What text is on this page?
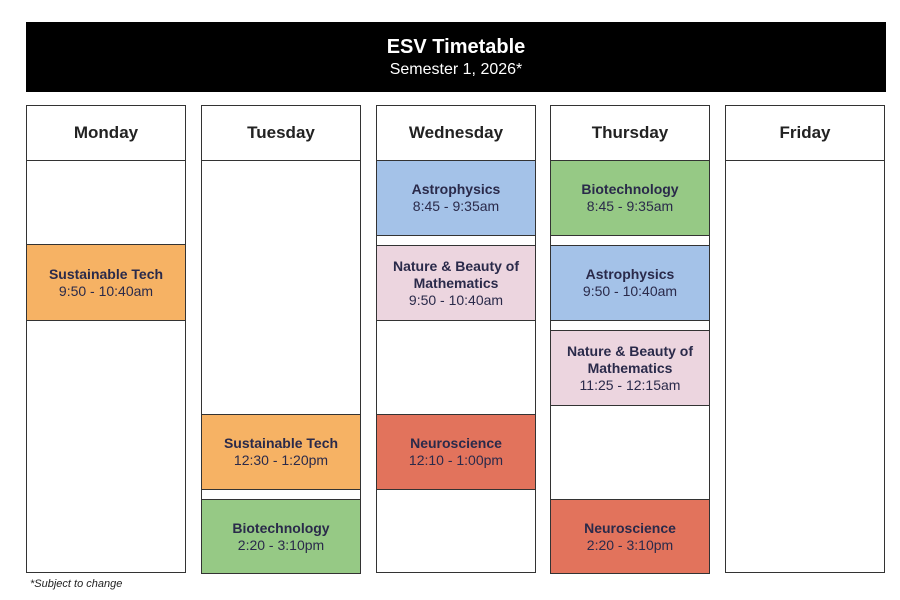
ESV Timetable
Semester 1, 2026*
Monday
Sustainable Tech
9:50 - 10:40am
Tuesday
Sustainable Tech
12:30 - 1:20pm
Biotechnology
2:20 - 3:10pm
Wednesday
Astrophysics
8:45 - 9:35am
Nature & Beauty of Mathematics
9:50 - 10:40am
Neuroscience
12:10 - 1:00pm
Thursday
Biotechnology
8:45 - 9:35am
Astrophysics
9:50 - 10:40am
Nature & Beauty of Mathematics
11:25 - 12:15am
Neuroscience
2:20 - 3:10pm
Friday
*Subject to change
